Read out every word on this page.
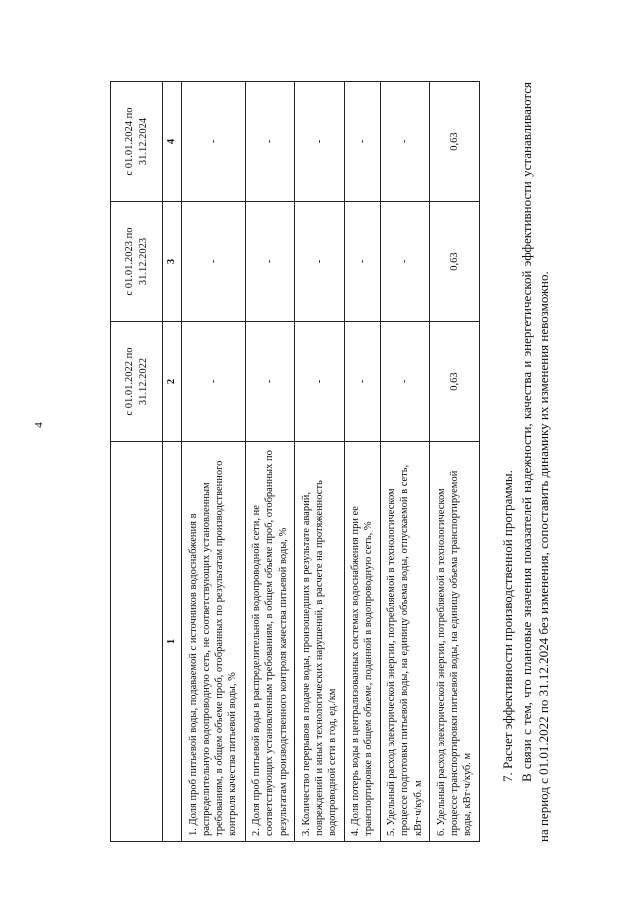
4
	с 01.01.2022 по 31.12.2022	с 01.01.2023 по 31.12.2023	с 01.01.2024 по 31.12.2024
1	2	3	4
1. Доля проб питьевой воды, подаваемой с источников водоснабжения в распределительную водопроводную сеть, не соответствующих установленным требованиям, в общем объеме проб, отобранных по результатам производственного контроля качества питьевой воды, %	-	-	-
2. Доля проб питьевой воды в распределительной водопроводной сети, не соответствующих установленным требованиям, в общем объеме проб, отобранных по результатам производственного контроля качества питьевой воды, %	-	-	-
3. Количество перерывов в подаче воды, произошедших в результате аварий, повреждений и иных технологических нарушений, в расчете на протяженность водопроводной сети в год, ед./км	-	-	-
4. Доля потерь воды в централизованных системах водоснабжения при ее транспортировке в общем объеме, поданной в водопроводную сеть, %	-	-	-
5. Удельный расход электрической энергии, потребляемой в технологическом процессе подготовки питьевой воды, на единицу объема воды, отпускаемой в сеть, кВт·ч/куб. м	-	-	-
6. Удельный расход электрической энергии, потребляемой в технологическом процессе транспортировки питьевой воды, на единицу объема транспортируемой воды, кВт·ч/куб. м	0,63	0,63	0,63
7. Расчет эффективности производственной программы. В связи с тем, что плановые значения показателей надежности, качества и энергетической эффективности устанавливаются на период с 01.01.2022 по 31.12.2024 без изменения, сопоставить динамику их изменения невозможно.
